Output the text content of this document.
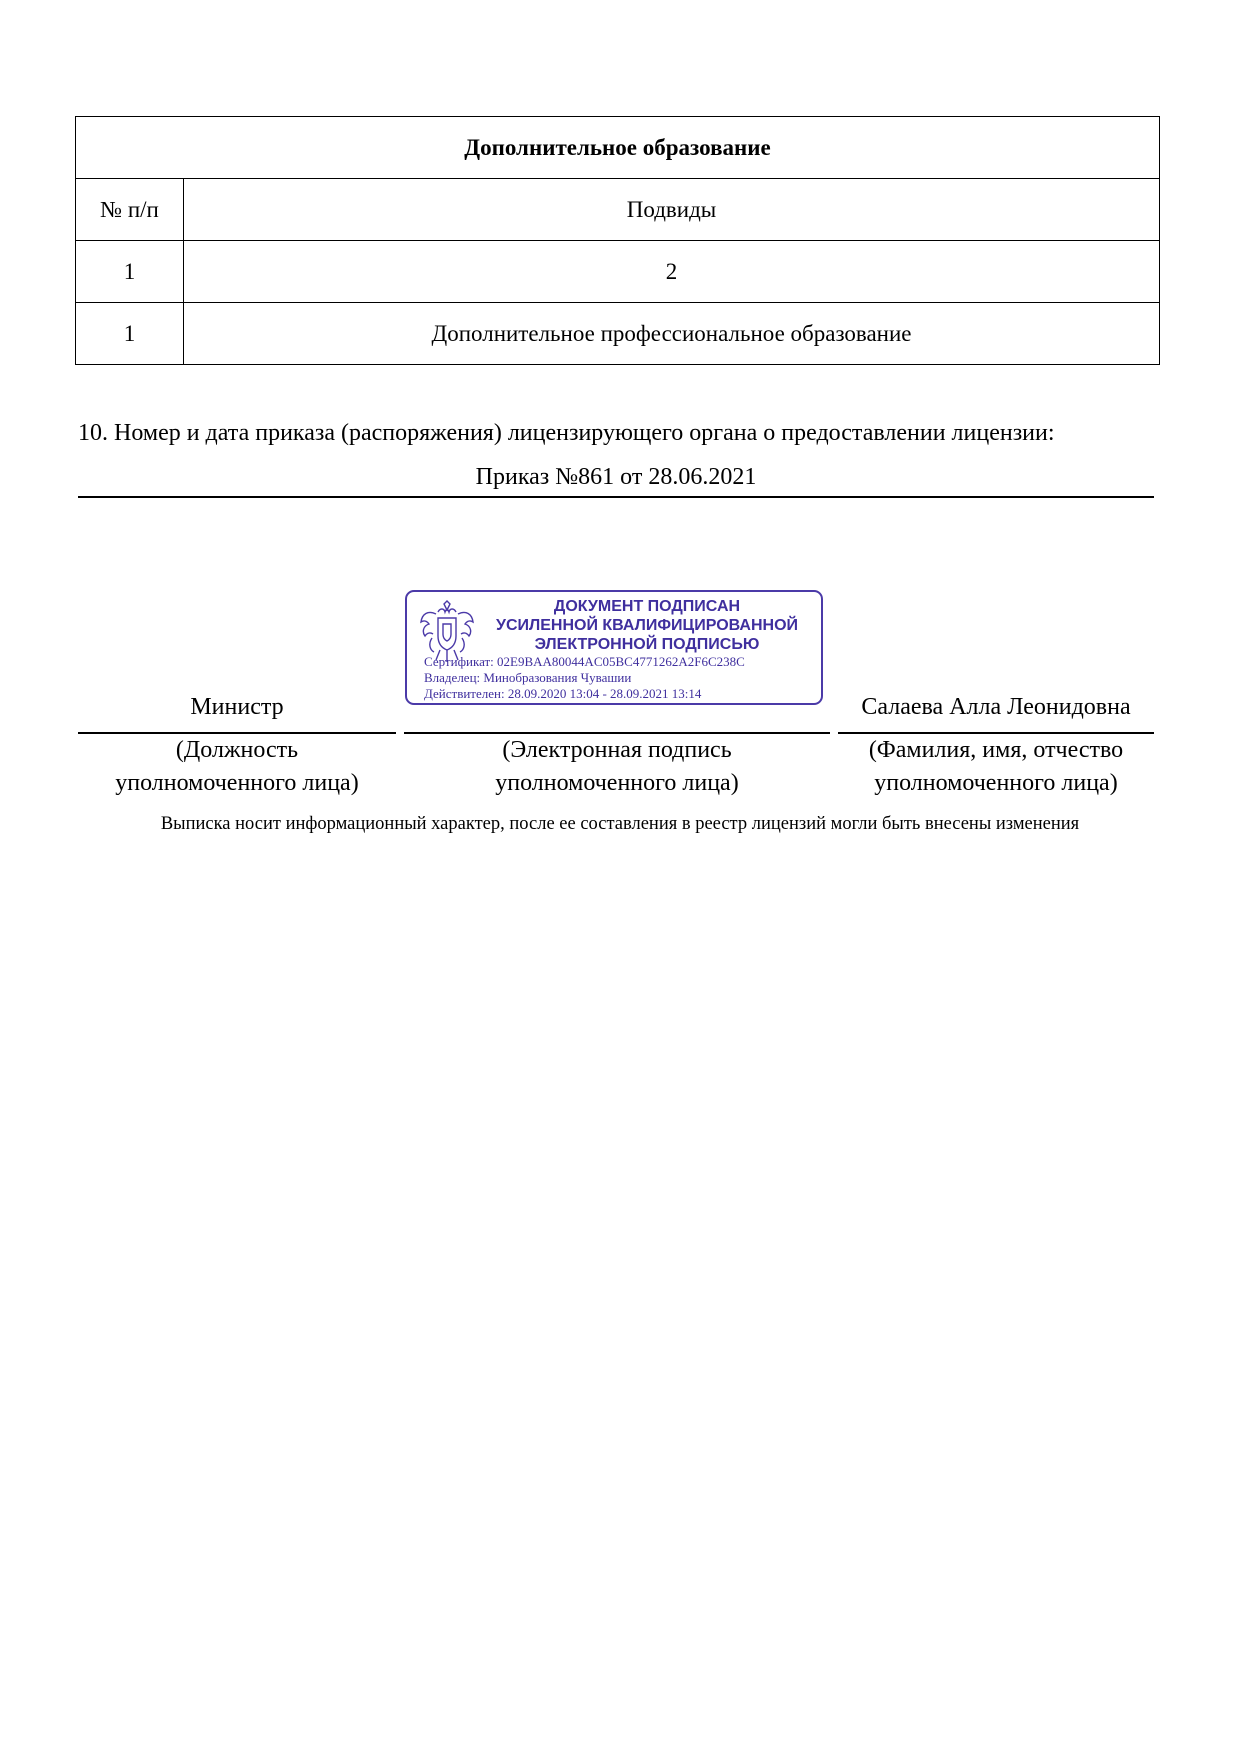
Дополнительное образование	
№ п/п	Подвиды
1	2
1	Дополнительное профессиональное образование
10. Номер и дата приказа (распоряжения) лицензирующего органа о предоставлении лицензии:
Приказ №861 от 28.06.2021
ДОКУМЕНТ ПОДПИСАН
УСИЛЕННОЙ КВАЛИФИЦИРОВАННОЙ
ЭЛЕКТРОННОЙ ПОДПИСЬЮ
Сертификат: 02E9BAA80044AC05BC4771262A2F6C238C
Владелец: Минобразования Чувашии
Действителен: 28.09.2020 13:04 - 28.09.2021 13:14
Министр	Салаева Алла Леонидовна
(Должность
уполномоченного лица)
(Электронная подпись
уполномоченного лица)
(Фамилия, имя, отчество
уполномоченного лица)
Выписка носит информационный характер, после ее составления в реестр лицензий могли быть внесены изменения
